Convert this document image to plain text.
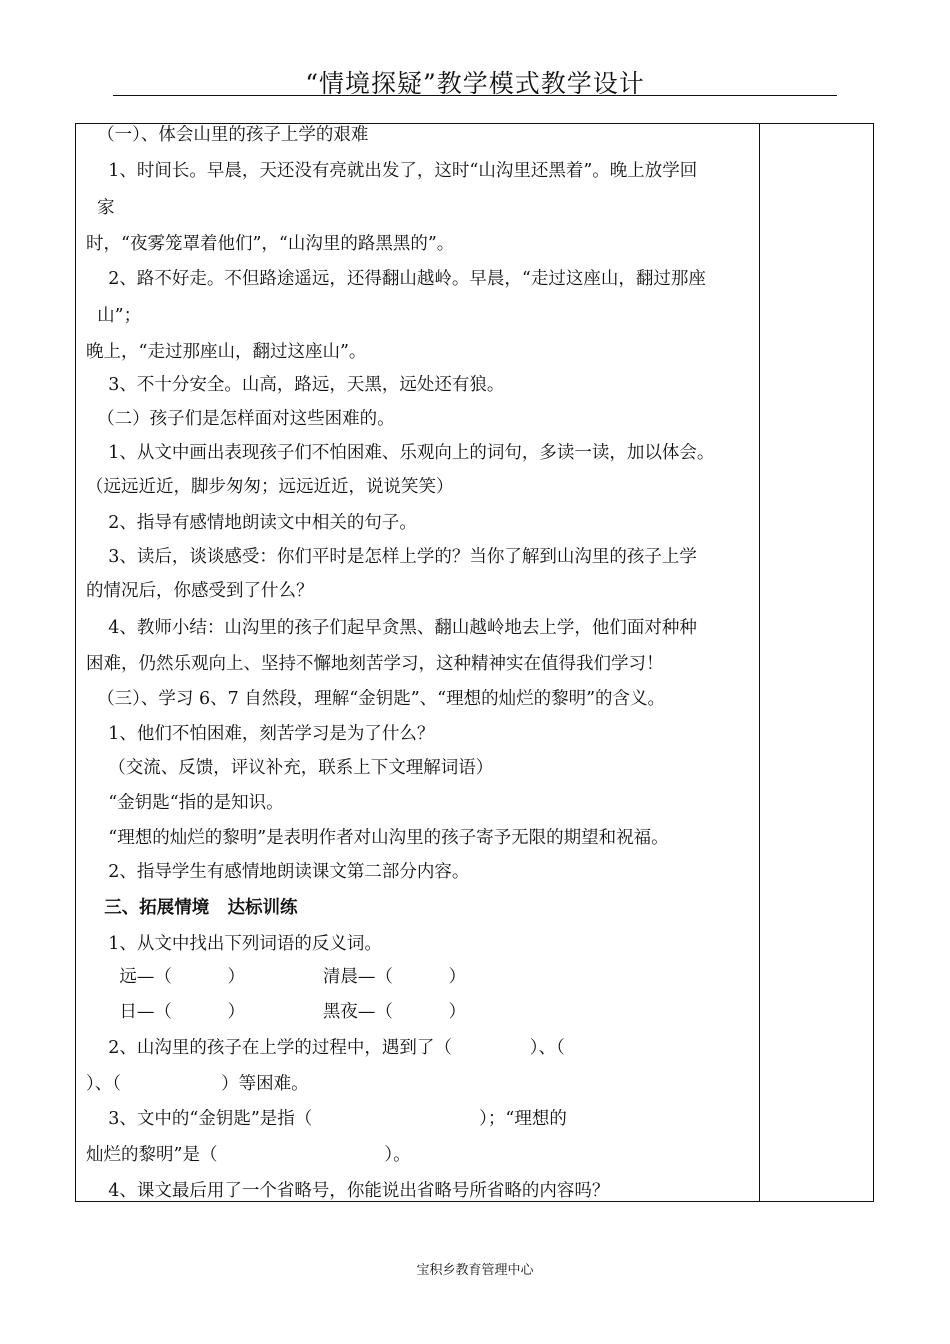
“情境探疑”教学模式教学设计
（一）、体会山里的孩子上学的艰难
1、时间长。早晨，天还没有亮就出发了，这时“山沟里还黑着”。晚上放学回
家
时，“夜雾笼罩着他们”，“山沟里的路黑黑的”。
2、路不好走。不但路途遥远，还得翻山越岭。早晨，“走过这座山，翻过那座
山”；
晚上，“走过那座山，翻过这座山”。
3、不十分安全。山高，路远，天黑，远处还有狼。
（二）孩子们是怎样面对这些困难的。
1、从文中画出表现孩子们不怕困难、乐观向上的词句，多读一读，加以体会。
（远远近近，脚步匆匆；远远近近，说说笑笑）
2、指导有感情地朗读文中相关的句子。
3、读后，谈谈感受：你们平时是怎样上学的？当你了解到山沟里的孩子上学
的情况后，你感受到了什么？
4、教师小结：山沟里的孩子们起早贪黑、翻山越岭地去上学，他们面对种种
困难，仍然乐观向上、坚持不懈地刻苦学习，这种精神实在值得我们学习！
（三）、学习 6、7 自然段，理解“金钥匙”、“理想的灿烂的黎明”的含义。
1、他们不怕困难，刻苦学习是为了什么？
（交流、反馈，评议补充，联系上下文理解词语）
“金钥匙“指的是知识。
“理想的灿烂的黎明”是表明作者对山沟里的孩子寄予无限的期望和祝福。
2、指导学生有感情地朗读课文第二部分内容。
三、拓展情境   达标训练
1、从文中找出下列词语的反义词。
远—（          ）              清晨—（          ）
日—（          ）              黑夜—（          ）
2、山沟里的孩子在上学的过程中，遇到了（              ）、（
）、（                  ）等困难。
3、文中的“金钥匙”是指（                              ）；“理想的
灿烂的黎明”是（                              ）。
4、课文最后用了一个省略号，你能说出省略号所省略的内容吗？
宝积乡教育管理中心
